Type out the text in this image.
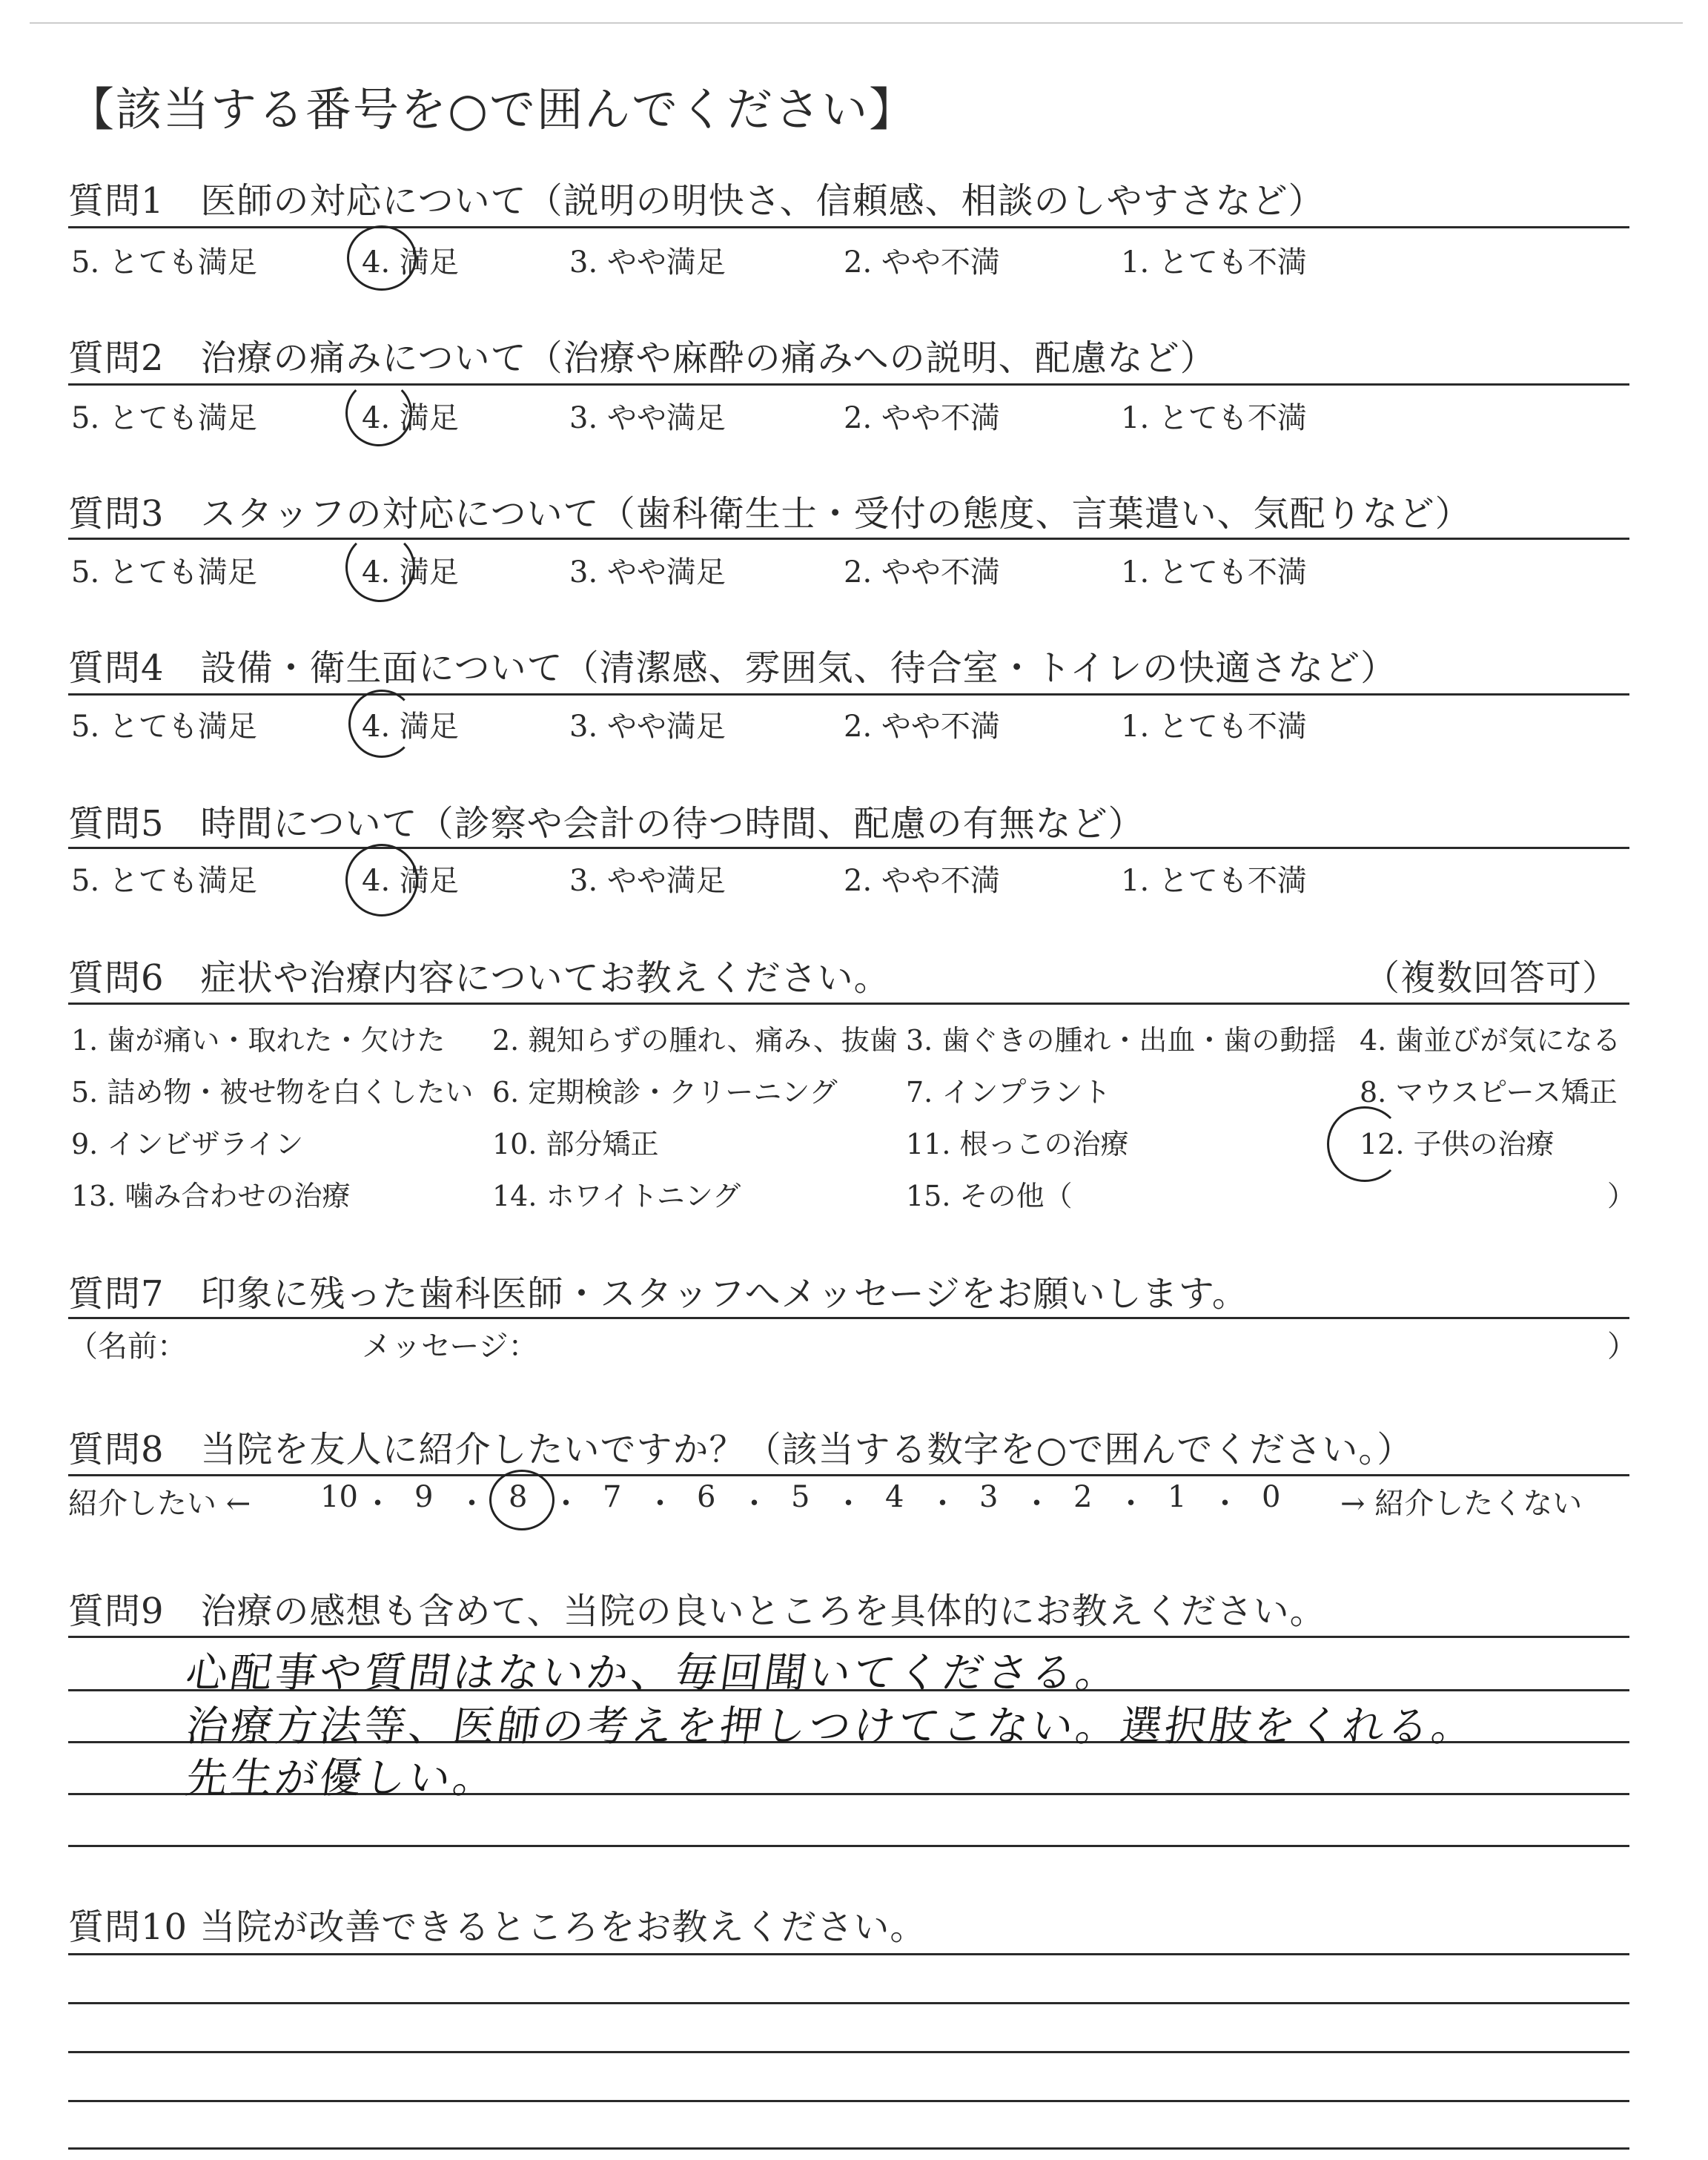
【該当する番号を○で囲んでください】
質問1　医師の対応について（説明の明快さ、信頼感、相談のしやすさなど）
5. とても満足	4. 満足	3. やや満足	2. やや不満	1. とても不満
質問2　治療の痛みについて（治療や麻酔の痛みへの説明、配慮など）
5. とても満足	4. 満足	3. やや満足	2. やや不満	1. とても不満
質問3　スタッフの対応について（歯科衛生士・受付の態度、言葉遣い、気配りなど）
5. とても満足	4. 満足	3. やや満足	2. やや不満	1. とても不満
質問4　設備・衛生面について（清潔感、雰囲気、待合室・トイレの快適さなど）
5. とても満足	4. 満足	3. やや満足	2. やや不満	1. とても不満
質問5　時間について（診察や会計の待つ時間、配慮の有無など）
5. とても満足	4. 満足	3. やや満足	2. やや不満	1. とても不満
質問6　症状や治療内容についてお教えください。	（複数回答可）
1. 歯が痛い・取れた・欠けた 2. 親知らずの腫れ、痛み、抜歯 3. 歯ぐきの腫れ・出血・歯の動揺 4. 歯並びが気になる
5. 詰め物・被せ物を白くしたい 6. 定期検診・クリーニング 7. インプラント	8. マウスピース矯正
9. インビザライン	10. 部分矯正	11. 根っこの治療	12. 子供の治療
13. 噛み合わせの治療	14. ホワイトニング	15. その他（	）
質問7　印象に残った歯科医師・スタッフへメッセージをお願いします。
（名前：	メッセージ：	）
質問8　当院を友人に紹介したいですか？（該当する数字を○で囲んでください。）
紹介したい ← 10 ・ 9 ・ 8 ・ 7 ・ 6 ・ 5 ・ 4 ・ 3 ・ 2 ・ 1 ・ 0 → 紹介したくない
質問9　治療の感想も含めて、当院の良いところを具体的にお教えください。
心配事や質問はないか、毎回聞いてくださる。
治療方法等、医師の考えを押しつけてこない。選択肢をくれる。
先生が優しい。
質問10 当院が改善できるところをお教えください。
